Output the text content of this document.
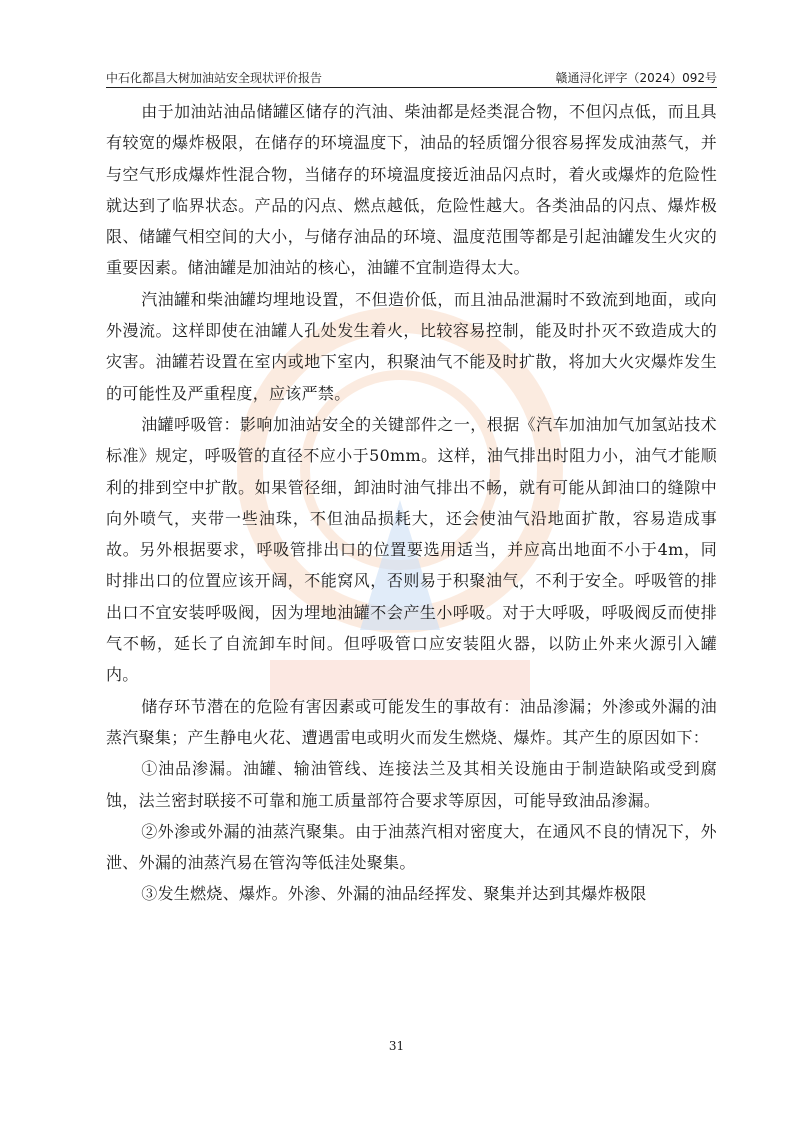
中石化都昌大树加油站安全现状评价报告	赣通浔化评字（2024）092号

由于加油站油品储罐区储存的汽油、柴油都是烃类混合物，不但闪点低，而且具有较宽的爆炸极限，在储存的环境温度下，油品的轻质馏分很容易挥发成油蒸气，并与空气形成爆炸性混合物，当储存的环境温度接近油品闪点时，着火或爆炸的危险性就达到了临界状态。产品的闪点、燃点越低，危险性越大。各类油品的闪点、爆炸极限、储罐气相空间的大小，与储存油品的环境、温度范围等都是引起油罐发生火灾的重要因素。储油罐是加油站的核心，油罐不宜制造得太大。

汽油罐和柴油罐均埋地设置，不但造价低，而且油品泄漏时不致流到地面，或向外漫流。这样即使在油罐人孔处发生着火，比较容易控制，能及时扑灭不致造成大的灾害。油罐若设置在室内或地下室内，积聚油气不能及时扩散，将加大火灾爆炸发生的可能性及严重程度，应该严禁。

油罐呼吸管：影响加油站安全的关键部件之一，根据《汽车加油加气加氢站技术标准》规定，呼吸管的直径不应小于50mm。这样，油气排出时阻力小，油气才能顺利的排到空中扩散。如果管径细，卸油时油气排出不畅，就有可能从卸油口的缝隙中向外喷气，夹带一些油珠，不但油品损耗大，还会使油气沿地面扩散，容易造成事故。另外根据要求，呼吸管排出口的位置要选用适当，并应高出地面不小于4m，同时排出口的位置应该开阔，不能窝风，否则易于积聚油气，不利于安全。呼吸管的排出口不宜安装呼吸阀，因为埋地油罐不会产生小呼吸。对于大呼吸，呼吸阀反而使排气不畅，延长了自流卸车时间。但呼吸管口应安装阻火器，以防止外来火源引入罐内。

储存环节潜在的危险有害因素或可能发生的事故有：油品渗漏；外渗或外漏的油蒸汽聚集；产生静电火花、遭遇雷电或明火而发生燃烧、爆炸。其产生的原因如下：

①油品渗漏。油罐、输油管线、连接法兰及其相关设施由于制造缺陷或受到腐蚀，法兰密封联接不可靠和施工质量部符合要求等原因，可能导致油品渗漏。

②外渗或外漏的油蒸汽聚集。由于油蒸汽相对密度大，在通风不良的情况下，外泄、外漏的油蒸汽易在管沟等低洼处聚集。

③发生燃烧、爆炸。外渗、外漏的油品经挥发、聚集并达到其爆炸极限

31
